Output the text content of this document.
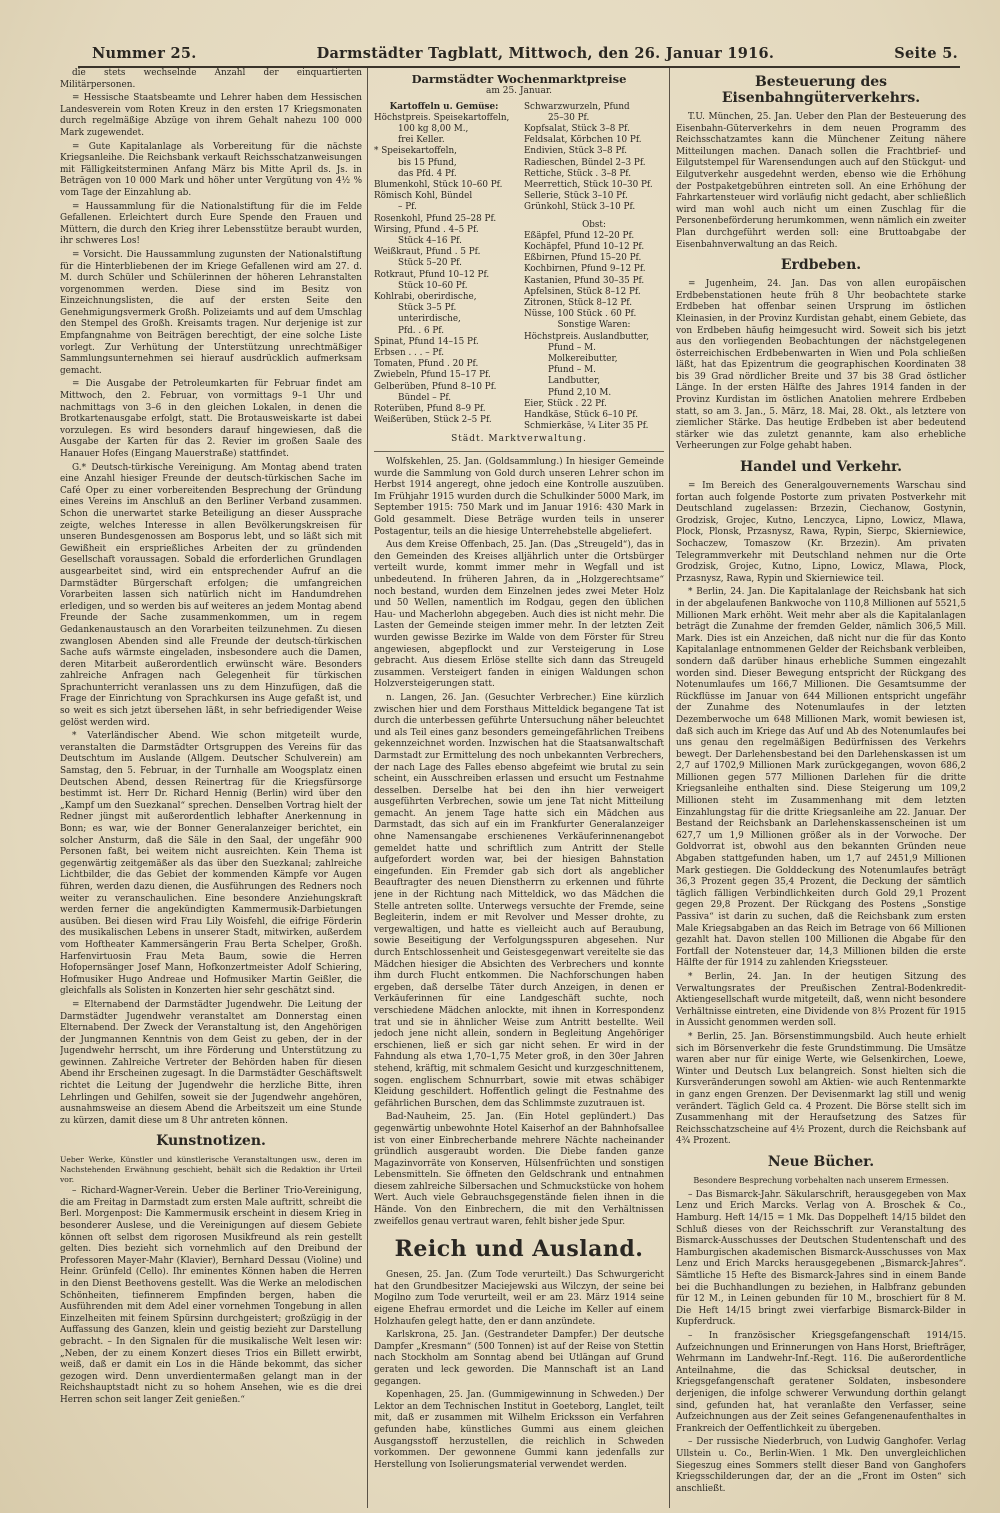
Nummer 25.	Darmstädter Tagblatt, Mittwoch, den 26. Januar 1916.	Seite 5.

die stets wechselnde Anzahl der einquartierten Militärpersonen.

= Hessische Staatsbeamte und Lehrer haben dem Hessischen Landesverein vom Roten Kreuz in den ersten 17 Kriegsmonaten durch regelmäßige Abzüge von ihrem Gehalt nahezu 100 000 Mark zugewendet.

= Gute Kapitalanlage als Vorbereitung für die nächste Kriegsanleihe. Die Reichsbank verkauft Reichsschatzanweisungen mit Fälligkeitsterminen Anfang März bis Mitte April ds. Js. in Beträgen von 10 000 Mark und höher unter Vergütung von 4½ % vom Tage der Einzahlung ab.

= Haussammlung für die Nationalstiftung für die im Felde Gefallenen. Erleichtert durch Eure Spende den Frauen und Müttern, die durch den Krieg ihrer Lebensstütze beraubt wurden, ihr schweres Los!

= Vorsicht. Die Haussammlung zugunsten der Nationalstiftung für die Hinterbliebenen der im Kriege Gefallenen wird am 27. d. M. durch Schüler und Schülerinnen der höheren Lehranstalten vorgenommen werden. Diese sind im Besitz von Einzeichnungslisten, die auf der ersten Seite den Genehmigungsvermerk Großh. Polizeiamts und auf dem Umschlag den Stempel des Großh. Kreisamts tragen. Nur derjenige ist zur Empfangnahme von Beiträgen berechtigt, der eine solche Liste vorlegt. Zur Verhütung der Unterstützung unrechtmäßiger Sammlungsunternehmen sei hierauf ausdrücklich aufmerksam gemacht.

= Die Ausgabe der Petroleumkarten für Februar findet am Mittwoch, den 2. Februar, von vormittags 9–1 Uhr und nachmittags von 3–6 in den gleichen Lokalen, in denen die Brotkartenausgabe erfolgt, statt. Die Brotausweiskarte ist dabei vorzulegen. Es wird besonders darauf hingewiesen, daß die Ausgabe der Karten für das 2. Revier im großen Saale des Hanauer Hofes (Eingang Mauerstraße) stattfindet.

G.* Deutsch-türkische Vereinigung. Am Montag abend traten eine Anzahl hiesiger Freunde der deutsch-türkischen Sache im Café Oper zu einer vorbereitenden Besprechung der Gründung eines Vereins im Anschluß an den Berliner Verband zusammen. Schon die unerwartet starke Beteiligung an dieser Aussprache zeigte, welches Interesse in allen Bevölkerungskreisen für unseren Bundesgenossen am Bosporus lebt, und so läßt sich mit Gewißheit ein ersprießliches Arbeiten der zu gründenden Gesellschaft voraussagen. Sobald die erforderlichen Grundlagen ausgearbeitet sind, wird ein entsprechender Aufruf an die Darmstädter Bürgerschaft erfolgen; die umfangreichen Vorarbeiten lassen sich natürlich nicht im Handumdrehen erledigen, und so werden bis auf weiteres an jedem Montag abend Freunde der Sache zusammenkommen, um in regem Gedankenaustausch an den Vorarbeiten teilzunehmen. Zu diesen zwanglosen Abenden sind alle Freunde der deutsch-türkischen Sache aufs wärmste eingeladen, insbesondere auch die Damen, deren Mitarbeit außerordentlich erwünscht wäre. Besonders zahlreiche Anfragen nach Gelegenheit für türkischen Sprachunterricht veranlassen uns zu dem Hinzufügen, daß die Frage der Einrichtung von Sprachkursen ins Auge gefaßt ist, und so weit es sich jetzt übersehen läßt, in sehr befriedigender Weise gelöst werden wird.

* Vaterländischer Abend. Wie schon mitgeteilt wurde, veranstalten die Darmstädter Ortsgruppen des Vereins für das Deutschtum im Auslande (Allgem. Deutscher Schulverein) am Samstag, den 5. Februar, in der Turnhalle am Woogsplatz einen Deutschen Abend, dessen Reinertrag für die Kriegsfürsorge bestimmt ist. Herr Dr. Richard Hennig (Berlin) wird über den „Kampf um den Suezkanal“ sprechen. Denselben Vortrag hielt der Redner jüngst mit außerordentlich lebhafter Anerkennung in Bonn; es war, wie der Bonner Generalanzeiger berichtet, ein solcher Ansturm, daß die Säle in den Saal, der ungefähr 900 Personen faßt, bei weitem nicht ausreichten. Kein Thema ist gegenwärtig zeitgemäßer als das über den Suezkanal; zahlreiche Lichtbilder, die das Gebiet der kommenden Kämpfe vor Augen führen, werden dazu dienen, die Ausführungen des Redners noch weiter zu veranschaulichen. Eine besondere Anziehungskraft werden ferner die angekündigten Kammermusik-Darbietungen ausüben. Bei diesen wird Frau Lily Woisfehl, die eifrige Förderin des musikalischen Lebens in unserer Stadt, mitwirken, außerdem vom Hoftheater Kammersängerin Frau Berta Schelper, Großh. Harfenvirtuosin Frau Meta Baum, sowie die Herren Hofopernsänger Josef Mann, Hofkonzertmeister Adolf Schiering, Hofmusiker Hugo Andreae und Hofmusiker Martin Geißler, die gleichfalls als Solisten in Konzerten hier sehr geschätzt sind.

= Elternabend der Darmstädter Jugendwehr. Die Leitung der Darmstädter Jugendwehr veranstaltet am Donnerstag einen Elternabend. Der Zweck der Veranstaltung ist, den Angehörigen der Jungmannen Kenntnis von dem Geist zu geben, der in der Jugendwehr herrscht, um ihre Förderung und Unterstützung zu gewinnen. Zahlreiche Vertreter der Behörden haben für diesen Abend ihr Erscheinen zugesagt. In die Darmstädter Geschäftswelt richtet die Leitung der Jugendwehr die herzliche Bitte, ihren Lehrlingen und Gehilfen, soweit sie der Jugendwehr angehören, ausnahmsweise an diesem Abend die Arbeitszeit um eine Stunde zu kürzen, damit diese um 8 Uhr antreten können.

Kunstnotizen.

Ueber Werke, Künstler und künstlerische Veranstaltungen usw., deren im Nachstehenden Erwähnung geschieht, behält sich die Redaktion ihr Urteil vor.

– Richard-Wagner-Verein. Ueber die Berliner Trio-Vereinigung, die am Freitag in Darmstadt zum ersten Male auftritt, schreibt die Berl. Morgenpost: Die Kammermusik erscheint in diesem Krieg in besonderer Auslese, und die Vereinigungen auf diesem Gebiete können oft selbst dem rigorosen Musikfreund als rein gestellt gelten. Dies bezieht sich vornehmlich auf den Dreibund der Professoren Mayer-Mahr (Klavier), Bernhard Dessau (Violine) und Heinr. Grünfeld (Cello). Ihr eminentes Können haben die Herren in den Dienst Beethovens gestellt. Was die Werke an melodischen Schönheiten, tiefinnerem Empfinden bergen, haben die Ausführenden mit dem Adel einer vornehmen Tongebung in allen Einzelheiten mit feinem Spürsinn durchgeistert; großzügig in der Auffassung des Ganzen, klein und geistig bezieht zur Darstellung gebracht. – In den Signalen für die musikalische Welt lesen wir: „Neben, der zu einem Konzert dieses Trios ein Billett erwirbt, weiß, daß er damit ein Los in die Hände bekommt, das sicher gezogen wird. Denn unverdientermaßen gelangt man in der Reichshauptstadt nicht zu so hohem Ansehen, wie es die drei Herren schon seit langer Zeit genießen.“

Darmstädter Wochenmarktpreise
am 25. Januar.
Kartoffeln u. Gemüse:
Höchstpreis. Speisekartoffeln,
100 kg 8,00 M.,
frei Keller.
* Speisekartoffeln,
bis 15 Pfund,
das Pfd. 4 Pf.
Blumenkohl, Stück 10–60 Pf.
Römisch Kohl, Bündel
– Pf.
Rosenkohl, Pfund 25–28 Pf.
Wirsing, Pfund . 4–5 Pf.
Stück 4–16 Pf.
Weißkraut, Pfund . 5 Pf.
Stück 5–20 Pf.
Rotkraut, Pfund 10–12 Pf.
Stück 10–60 Pf.
Kohlrabi, oberirdische,
Stück 3–5 Pf.
unterirdische,
Pfd. . 6 Pf.
Spinat, Pfund 14–15 Pf.
Erbsen . . . – Pf.
Tomaten, Pfund . 20 Pf.
Zwiebeln, Pfund 15–17 Pf.
Gelberüben, Pfund 8–10 Pf.
Bündel – Pf.
Roterüben, Pfund 8–9 Pf.
Weißerüben, Stück 2–5 Pf.
Schwarzwurzeln, Pfund
25–30 Pf.
Kopfsalat, Stück 3–8 Pf.
Feldsalat, Körbchen 10 Pf.
Endivien, Stück 3–8 Pf.
Radieschen, Bündel 2–3 Pf.
Rettiche, Stück . 3–8 Pf.
Meerrettich, Stück 10–30 Pf.
Sellerie, Stück 3–10 Pf.
Grünkohl, Stück 3–10 Pf.
Obst:
Eßäpfel, Pfund 12–20 Pf.
Kochäpfel, Pfund 10–12 Pf.
Eßbirnen, Pfund 15–20 Pf.
Kochbirnen, Pfund 9–12 Pf.
Kastanien, Pfund 30–35 Pf.
Apfelsinen, Stück 8–12 Pf.
Zitronen, Stück 8–12 Pf.
Nüsse, 100 Stück . 60 Pf.
Sonstige Waren:
Höchstpreis. Auslandbutter,
Pfund – M.
Molkereibutter,
Pfund – M.
Landbutter,
Pfund 2,10 M.
Eier, Stück . 22 Pf.
Handkäse, Stück 6–10 Pf.
Schmierkäse, ¼ Liter 35 Pf.
Städt. Marktverwaltung.

Wolfskehlen, 25. Jan. (Goldsammlung.) In hiesiger Gemeinde wurde die Sammlung von Gold durch unseren Lehrer schon im Herbst 1914 angeregt, ohne jedoch eine Kontrolle auszuüben. Im Frühjahr 1915 wurden durch die Schulkinder 5000 Mark, im September 1915: 750 Mark und im Januar 1916: 430 Mark in Gold gesammelt. Diese Beträge wurden teils in unserer Postagentur, teils an die hiesige Unterrehebstelle abgeliefert.

Aus dem Kreise Offenbach, 25. Jan. (Das „Streugeld“), das in den Gemeinden des Kreises alljährlich unter die Ortsbürger verteilt wurde, kommt immer mehr in Wegfall und ist unbedeutend. In früheren Jahren, da in „Holzgerechtsame“ noch bestand, wurden dem Einzelnen jedes zwei Meter Holz und 50 Wellen, namentlich im Rodgau, gegen den üblichen Hau- und Macherlohn abgegeben. Auch dies ist nicht mehr. Die Lasten der Gemeinde steigen immer mehr. In der letzten Zeit wurden gewisse Bezirke im Walde von dem Förster für Streu angewiesen, abgepflockt und zur Versteigerung in Lose gebracht. Aus diesem Erlöse stellte sich dann das Streugeld zusammen. Versteigert fanden in einigen Waldungen schon Holzversteigerungen statt.

n. Langen, 26. Jan. (Gesuchter Verbrecher.) Eine kürzlich zwischen hier und dem Forsthaus Mitteldick begangene Tat ist durch die unterbessen geführte Untersuchung näher beleuchtet und als Teil eines ganz besonders gemeingefährlichen Treibens gekennzeichnet worden. Inzwischen hat die Staatsanwaltschaft Darmstadt zur Ermittelung des noch unbekannten Verbrechers, der nach Lage des Falles ebenso abgefeimt wie brutal zu sein scheint, ein Ausschreiben erlassen und ersucht um Festnahme desselben. Derselbe hat bei den ihn hier verweigert ausgeführten Verbrechen, sowie um jene Tat nicht Mitteilung gemacht. An jenem Tage hatte sich ein Mädchen aus Darmstadt, das sich auf ein im Frankfurter Generalanzeiger ohne Namensangabe erschienenes Verkäuferinnenangebot gemeldet hatte und schriftlich zum Antritt der Stelle aufgefordert worden war, bei der hiesigen Bahnstation eingefunden. Ein Fremder gab sich dort als angeblicher Beauftragter des neuen Dienstherrn zu erkennen und führte jene in der Richtung nach Mitteldick, wo das Mädchen die Stelle antreten sollte. Unterwegs versuchte der Fremde, seine Begleiterin, indem er mit Revolver und Messer drohte, zu vergewaltigen, und hatte es vielleicht auch auf Beraubung, sowie Beseitigung der Verfolgungsspuren abgesehen. Nur durch Entschlossenheit und Geistesgegenwart vereitelte sie das Mädchen hiesiger die Absichten des Verbrechers und konnte ihm durch Flucht entkommen. Die Nachforschungen haben ergeben, daß derselbe Täter durch Anzeigen, in denen er Verkäuferinnen für eine Landgeschäft suchte, noch verschiedene Mädchen anlockte, mit ihnen in Korrespondenz trat und sie in ähnlicher Weise zum Antritt bestellte. Weil jedoch jene nicht allein, sondern in Begleitung Angehöriger erschienen, ließ er sich gar nicht sehen. Er wird in der Fahndung als etwa 1,70–1,75 Meter groß, in den 30er Jahren stehend, kräftig, mit schmalem Gesicht und kurzgeschnittenem, sogen. englischem Schnurrbart, sowie mit etwas schäbiger Kleidung geschildert. Hoffentlich gelingt die Festnahme des gefährlichen Burschen, dem das Schlimmste zuzutrauen ist.

Bad-Nauheim, 25. Jan. (Ein Hotel geplündert.) Das gegenwärtig unbewohnte Hotel Kaiserhof an der Bahnhofsallee ist von einer Einbrecherbande mehrere Nächte nacheinander gründlich ausgeraubt worden. Die Diebe fanden ganze Magazinvorräte von Konserven, Hülsenfrüchten und sonstigen Lebensmitteln. Sie öffneten den Geldschrank und entnahmen diesem zahlreiche Silbersachen und Schmuckstücke von hohem Wert. Auch viele Gebrauchsgegenstände fielen ihnen in die Hände. Von den Einbrechern, die mit den Verhältnissen zweifellos genau vertraut waren, fehlt bisher jede Spur.

Reich und Ausland.

Gnesen, 25. Jan. (Zum Tode verurteilt.) Das Schwurgericht hat den Grundbesitzer Maciejewski aus Wilczyn, der seine bei Mogilno zum Tode verurteilt, weil er am 23. März 1914 seine eigene Ehefrau ermordet und die Leiche im Keller auf einem Holzhaufen gelegt hatte, den er dann anzündete.

Karlskrona, 25. Jan. (Gestrandeter Dampfer.) Der deutsche Dampfer „Kresmann“ (500 Tonnen) ist auf der Reise von Stettin nach Stockholm am Sonntag abend bei Utlängan auf Grund geraten und leck geworden. Die Mannschaft ist an Land gegangen.

Kopenhagen, 25. Jan. (Gummigewinnung in Schweden.) Der Lektor an dem Technischen Institut in Goeteborg, Langlet, teilt mit, daß er zusammen mit Wilhelm Ericksson ein Verfahren gefunden habe, künstliches Gummi aus einem gleichen Ausgangsstoff herzustellen, die reichlich in Schweden vorkommen. Der gewonnene Gummi kann jedenfalls zur Herstellung von Isolierungsmaterial verwendet werden.

Besteuerung des Eisenbahngüterverkehrs.

T.U. München, 25. Jan. Ueber den Plan der Besteuerung des Eisenbahn-Güterverkehrs in dem neuen Programm des Reichsschatzamtes kann die Münchener Zeitung nähere Mitteilungen machen. Danach sollen die Frachtbrief- und Eilgutstempel für Warensendungen auch auf den Stückgut- und Eilgutverkehr ausgedehnt werden, ebenso wie die Erhöhung der Postpaketgebühren eintreten soll. An eine Erhöhung der Fahrkartensteuer wird vorläufig nicht gedacht, aber schließlich wird man wohl auch nicht um einen Zuschlag für die Personenbeförderung herumkommen, wenn nämlich ein zweiter Plan durchgeführt werden soll: eine Bruttoabgabe der Eisenbahnverwaltung an das Reich.

Erdbeben.

= Jugenheim, 24. Jan. Das von allen europäischen Erdbebenstationen heute früh 8 Uhr beobachtete starke Erdbeben hat offenbar seinen Ursprung im östlichen Kleinasien, in der Provinz Kurdistan gehabt, einem Gebiete, das von Erdbeben häufig heimgesucht wird. Soweit sich bis jetzt aus den vorliegenden Beobachtungen der nächstgelegenen österreichischen Erdbebenwarten in Wien und Pola schließen läßt, hat das Epizentrum die geographischen Koordinaten 38 bis 39 Grad nördlicher Breite und 37 bis 38 Grad östlicher Länge. In der ersten Hälfte des Jahres 1914 fanden in der Provinz Kurdistan im östlichen Anatolien mehrere Erdbeben statt, so am 3. Jan., 5. März, 18. Mai, 28. Okt., als letztere von ziemlicher Stärke. Das heutige Erdbeben ist aber bedeutend stärker wie das zuletzt genannte, kam also erhebliche Verheerungen zur Folge gehabt haben.

Handel und Verkehr.

= Im Bereich des Generalgouvernements Warschau sind fortan auch folgende Postorte zum privaten Postverkehr mit Deutschland zugelassen: Brzezin, Ciechanow, Gostynin, Grodzisk, Grojec, Kutno, Lenczyca, Lipno, Lowicz, Mlawa, Plock, Plonsk, Przasnysz, Rawa, Rypin, Sierpc, Skierniewice, Sochaczew, Tomaszow (Kr. Brzezin). Am privaten Telegrammverkehr mit Deutschland nehmen nur die Orte Grodzisk, Grojec, Kutno, Lipno, Lowicz, Mlawa, Plock, Przasnysz, Rawa, Rypin und Skierniewice teil.

* Berlin, 24. Jan. Die Kapitalanlage der Reichsbank hat sich in der abgelaufenen Bankwoche von 110,8 Millionen auf 5521,5 Millionen Mark erhöht. Weit mehr aber als die Kapitalanlagen beträgt die Zunahme der fremden Gelder, nämlich 306,5 Mill. Mark. Dies ist ein Anzeichen, daß nicht nur die für das Konto Kapitalanlage entnommenen Gelder der Reichsbank verbleiben, sondern daß darüber hinaus erhebliche Summen eingezahlt worden sind. Dieser Bewegung entspricht der Rückgang des Notenumlaufes um 166,7 Millionen. Die Gesamtsumme der Rückflüsse im Januar von 644 Millionen entspricht ungefähr der Zunahme des Notenumlaufes in der letzten Dezemberwoche um 648 Millionen Mark, womit bewiesen ist, daß sich auch im Kriege das Auf und Ab des Notenumlaufes bei uns genau den regelmäßigen Bedürfnissen des Verkehrs bewegt. Der Darlehensbestand bei den Darlehenskassen ist um 2,7 auf 1702,9 Millionen Mark zurückgegangen, wovon 686,2 Millionen gegen 577 Millionen Darlehen für die dritte Kriegsanleihe enthalten sind. Diese Steigerung um 109,2 Millionen steht im Zusammenhang mit dem letzten Einzahlungstag für die dritte Kriegsanleihe am 22. Januar. Der Bestand der Reichsbank an Darlehenskassenscheinen ist um 627,7 um 1,9 Millionen größer als in der Vorwoche. Der Goldvorrat ist, obwohl aus den bekannten Gründen neue Abgaben stattgefunden haben, um 1,7 auf 2451,9 Millionen Mark gestiegen. Die Golddeckung des Notenumlaufes beträgt 36,3 Prozent gegen 35,4 Prozent, die Deckung der sämtlich täglich fälligen Verbindlichkeiten durch Gold 29,1 Prozent gegen 29,8 Prozent. Der Rückgang des Postens „Sonstige Passiva“ ist darin zu suchen, daß die Reichsbank zum ersten Male Kriegsabgaben an das Reich im Betrage von 66 Millionen gezahlt hat. Davon stellen 100 Millionen die Abgabe für den Fortfall der Notensteuer dar, 14,3 Millionen bilden die erste Hälfte der für 1914 zu zahlenden Kriegssteuer.

* Berlin, 24. Jan. In der heutigen Sitzung des Verwaltungsrates der Preußischen Zentral-Bodenkredit-Aktiengesellschaft wurde mitgeteilt, daß, wenn nicht besondere Verhältnisse eintreten, eine Dividende von 8⅓ Prozent für 1915 in Aussicht genommen werden soll.

* Berlin, 25. Jan. Börsenstimmungsbild. Auch heute erhielt sich im Börsenverkehr die feste Grundstimmung. Die Umsätze waren aber nur für einige Werte, wie Gelsenkirchen, Loewe, Winter und Deutsch Lux belangreich. Sonst hielten sich die Kursveränderungen sowohl am Aktien- wie auch Rentenmarkte in ganz engen Grenzen. Der Devisenmarkt lag still und wenig verändert. Täglich Geld ca. 4 Prozent. Die Börse stellt sich im Zusammenhang mit der Heraufsetzung des Satzes für Reichsschatzscheine auf 4½ Prozent, durch die Reichsbank auf 4¾ Prozent.

Neue Bücher.
Besondere Besprechung vorbehalten nach unserem Ermessen.

– Das Bismarck-Jahr. Säkularschrift, herausgegeben von Max Lenz und Erich Marcks. Verlag von A. Broschek & Co., Hamburg. Heft 14/15 = 1 Mk. Das Doppelheft 14/15 bildet den Schluß dieses von der Reichsschrift zur Veranstaltung des Bismarck-Ausschusses der Deutschen Studentenschaft und des Hamburgischen akademischen Bismarck-Ausschusses von Max Lenz und Erich Marcks herausgegebenen „Bismarck-Jahres“. Sämtliche 15 Hefte des Bismarck-Jahres sind in einem Bande bei die Buchhandlungen zu beziehen, in Halbfranz gebunden für 12 M., in Leinen gebunden für 10 M., broschiert für 8 M. Die Heft 14/15 bringt zwei vierfarbige Bismarck-Bilder in Kupferdruck.

– In französischer Kriegsgefangenschaft 1914/15. Aufzeichnungen und Erinnerungen von Hans Horst, Briefträger, Wehrmann im Landwehr-Inf.-Regt. 116. Die außerordentliche Anteilnahme, die das Schicksal deutscher, in Kriegsgefangenschaft geratener Soldaten, insbesondere derjenigen, die infolge schwerer Verwundung dorthin gelangt sind, gefunden hat, hat veranlaßte den Verfasser, seine Aufzeichnungen aus der Zeit seines Gefangenenaufenthaltes in Frankreich der Oeffentlichkeit zu übergeben.

– Der russische Niederbruch, von Ludwig Ganghofer. Verlag Ullstein u. Co., Berlin-Wien. 1 Mk. Den unvergleichlichen Siegeszug eines Sommers stellt dieser Band von Ganghofers Kriegsschilderungen dar, der an die „Front im Osten“ sich anschließt.
